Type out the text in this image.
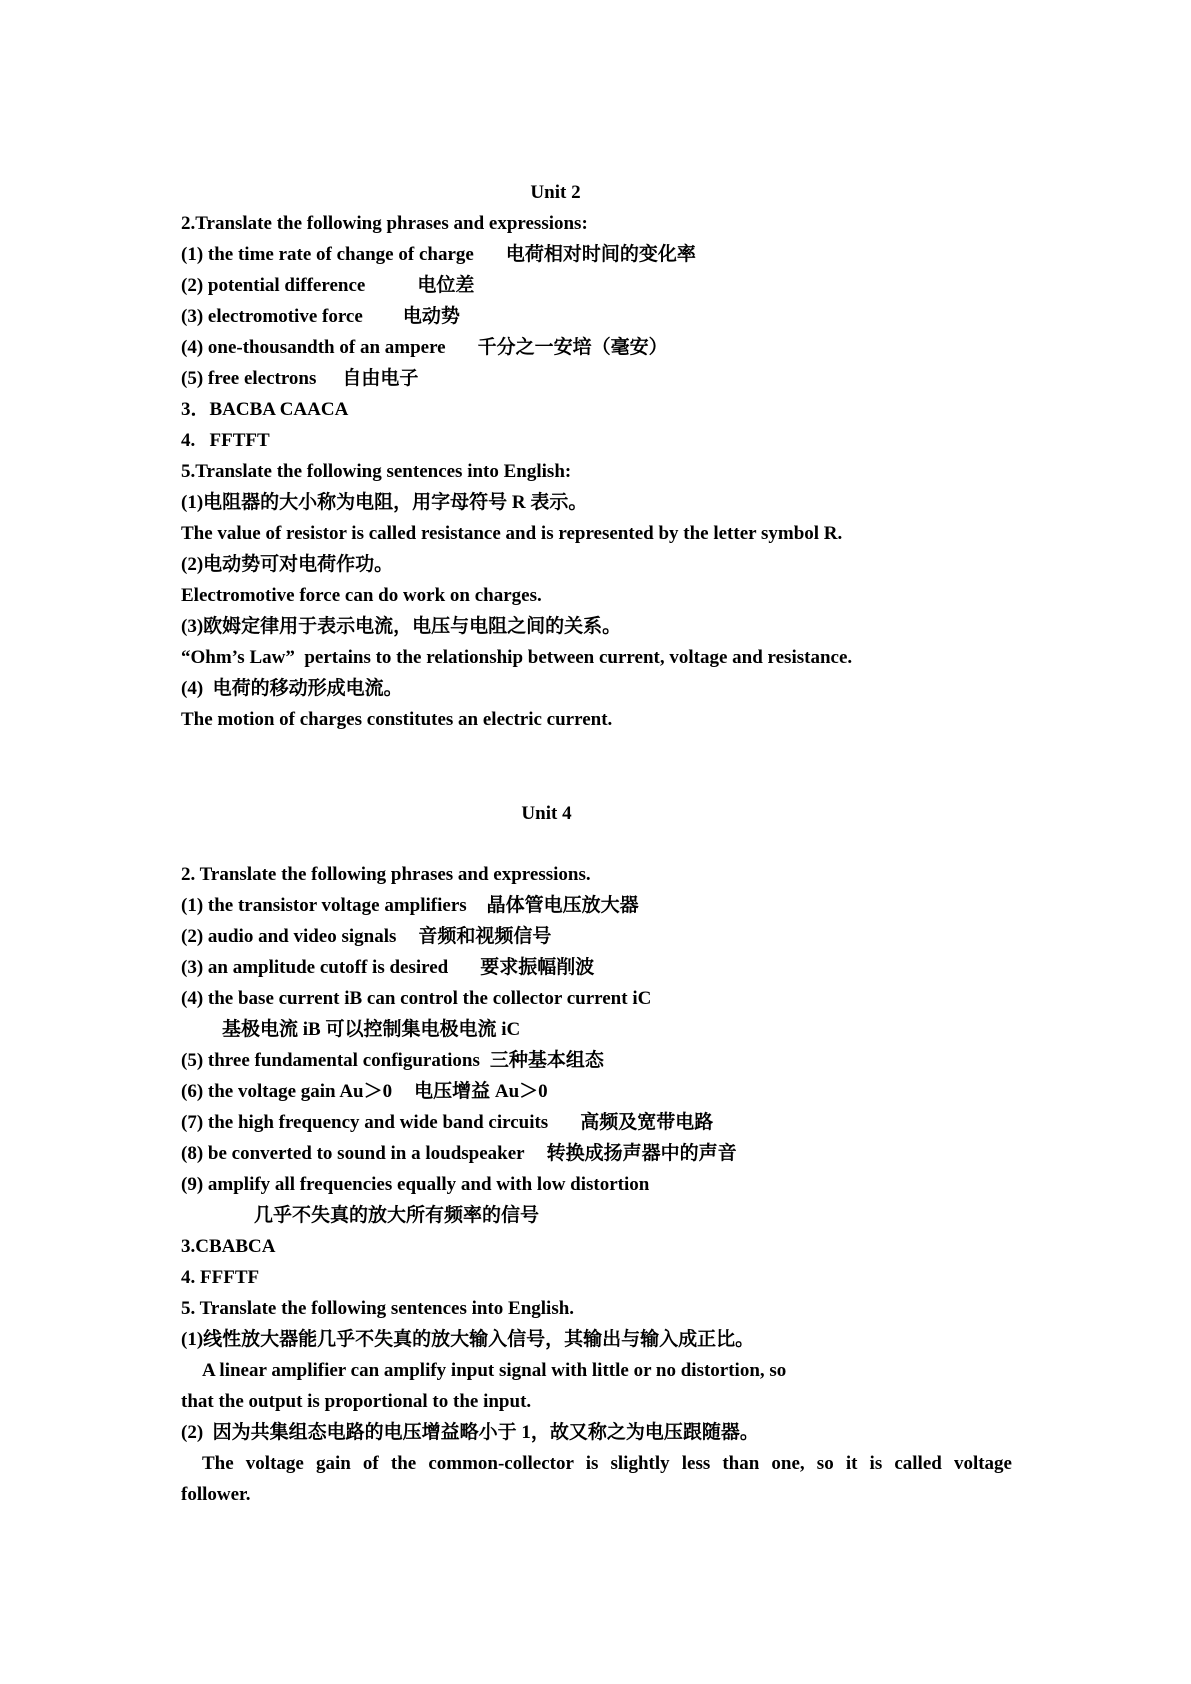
Unit 2
2.Translate the following phrases and expressions:
(1) the time rate of change of charge 电荷相对时间的变化率
(2) potential difference	电位差
(3) electromotive force 电动势
(4) one-thousandth of an ampere 千分之一安培（毫安）
(5) free electrons 自由电子
3．BACBA CAACA
4.   FFTFT
5.Translate the following sentences into English:
(1)电阻器的大小称为电阻，用字母符号 R 表示。
The value of resistor is called resistance and is represented by the letter symbol R.
(2)电动势可对电荷作功。
Electromotive force can do work on charges.
(3)欧姆定律用于表示电流，电压与电阻之间的关系。
“Ohm’s Law”  pertains to the relationship between current, voltage and resistance.
(4)  电荷的移动形成电流。
The motion of charges constitutes an electric current.
Unit 4
2. Translate the following phrases and expressions.
(1) the transistor voltage amplifiers 晶体管电压放大器
(2) audio and video signals 音频和视频信号
(3) an amplitude cutoff is desired 要求振幅削波
(4) the base current iB can control the collector current iC
基极电流 iB 可以控制集电极电流 iC
(5) three fundamental configurations 三种基本组态
(6) the voltage gain Au＞0 电压增益 Au＞0
(7) the high frequency and wide band circuits 高频及宽带电路
(8) be converted to sound in a loudspeaker 转换成扬声器中的声音
(9) amplify all frequencies equally and with low distortion
几乎不失真的放大所有频率的信号
3.CBABCA
4. FFFTF
5. Translate the following sentences into English.
(1)线性放大器能几乎不失真的放大输入信号，其输出与输入成正比。
A linear amplifier can amplify input signal with little or no distortion, so
that the output is proportional to the input.
(2)  因为共集组态电路的电压增益略小于 1，故又称之为电压跟随器。
The voltage gain of the common-collector is slightly less than one, so it is called voltage
follower.
